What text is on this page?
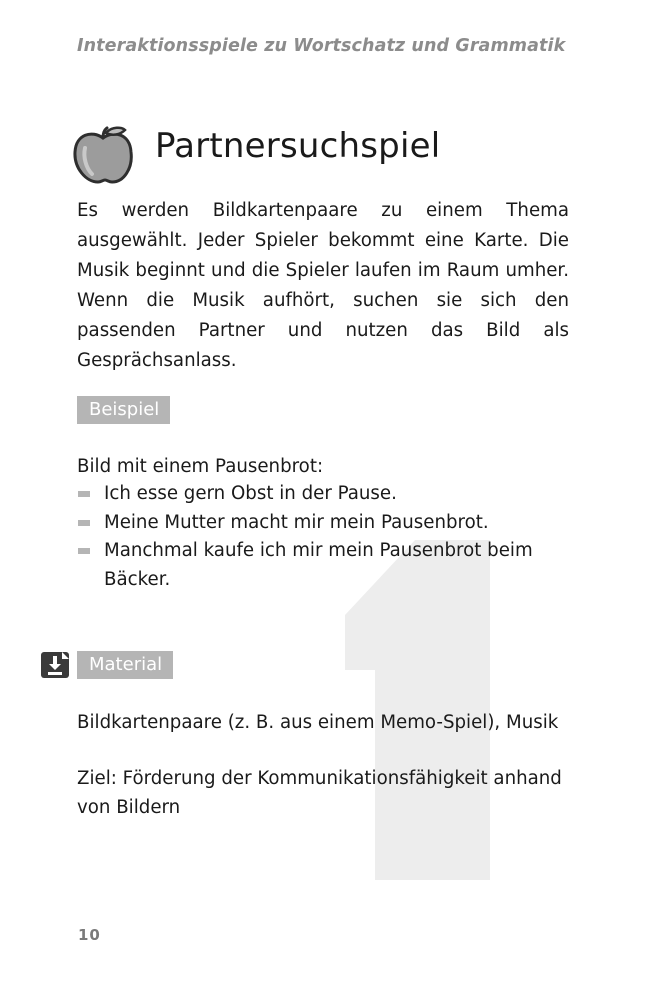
Interaktionsspiele zu Wortschatz und Grammatik
Partnersuchspiel
Es werden Bildkartenpaare zu einem Thema ausgewählt. Jeder Spieler bekommt eine Karte. Die Musik beginnt und die Spieler laufen im Raum umher. Wenn die Musik aufhört, suchen sie sich den passenden Partner und nutzen das Bild als Gesprächsanlass.
Beispiel
Bild mit einem Pausenbrot:
Ich esse gern Obst in der Pause.
Meine Mutter macht mir mein Pausenbrot.
Manchmal kaufe ich mir mein Pausenbrot beim Bäcker.
Material
Bildkartenpaare (z. B. aus einem Memo-Spiel), Musik
Ziel: Förderung der Kommunikationsfähigkeit anhand von Bildern
10
